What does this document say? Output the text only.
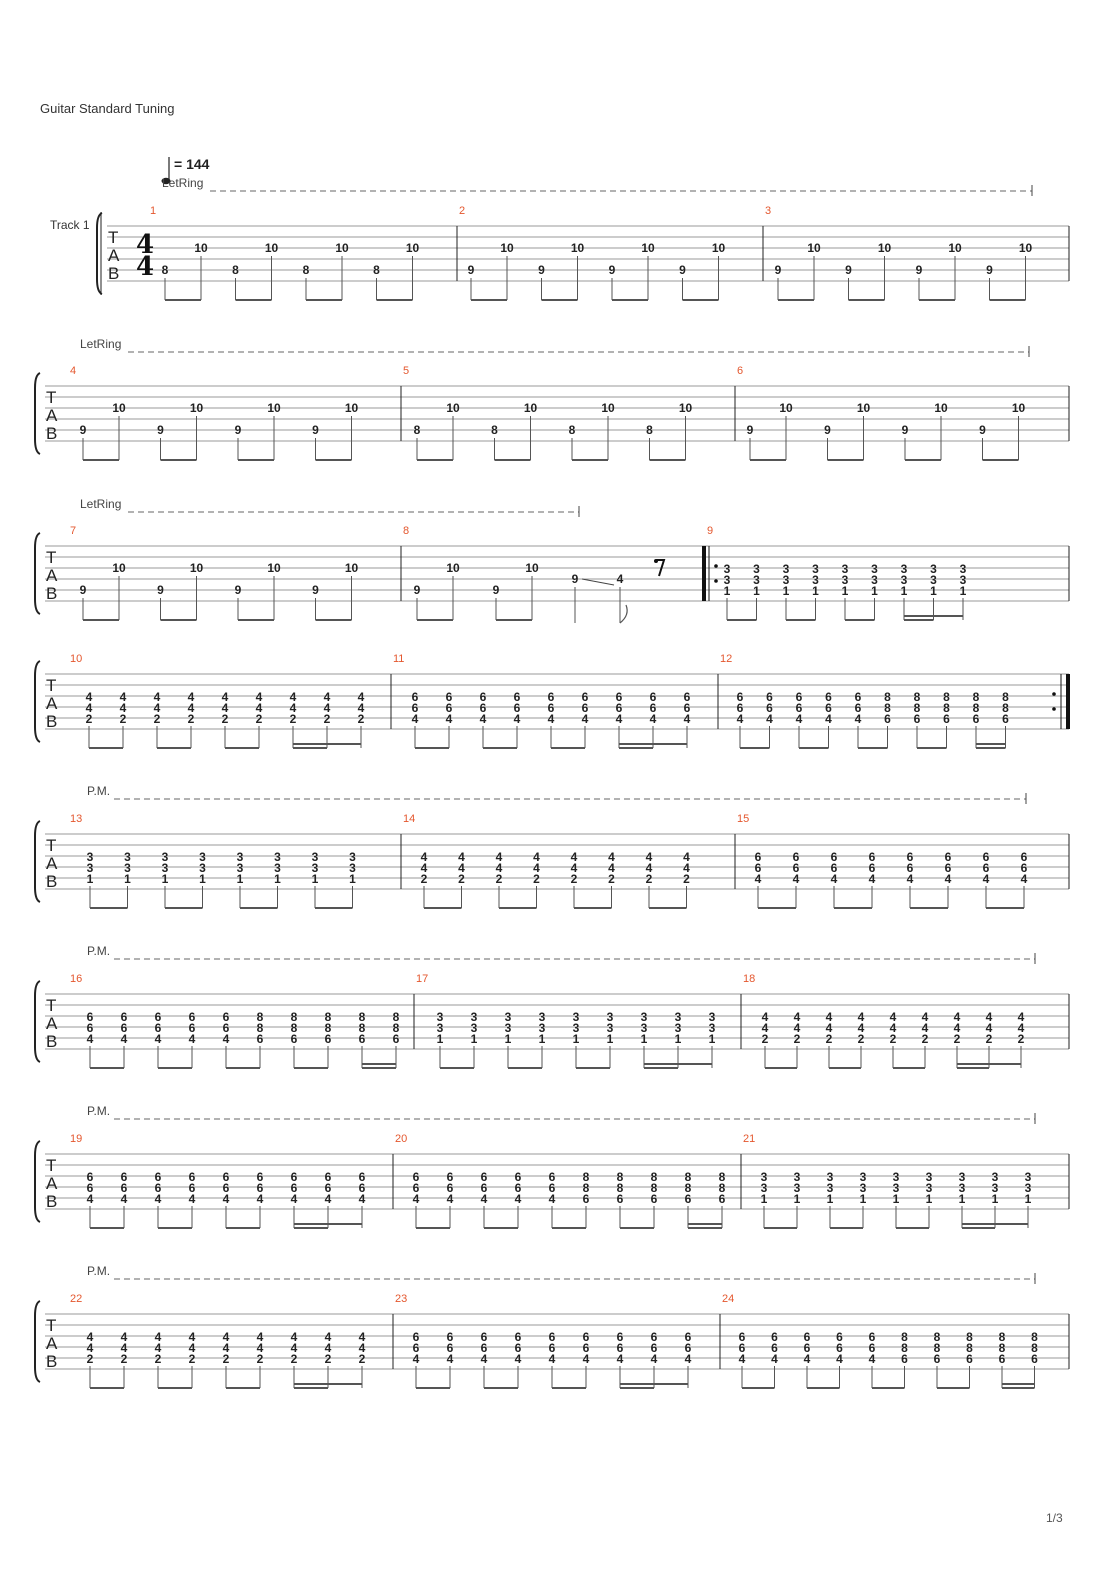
Guitar Standard Tuning
= 144
Track 1
T
A
B
4
4
LetRing
1
8
10
8
10
8
10
8
10
2
9
10
9
10
9
10
9
10
3
9
10
9
10
9
10
9
10
T
A
B
LetRing
4
9
10
9
10
9
10
9
10
5
8
10
8
10
8
10
8
10
6
9
10
9
10
9
10
9
10
T
A
B
LetRing
7
9
10
9
10
9
10
9
10
8
9
10
9
10
9	4
9
3
3
1
3
3
1
3
3
1
3
3
1
3
3
1
3
3
1
3
3
1
3
3
1
3
3
1
T
A
B
10
4
4
2
4
4
2
4
4
2
4
4
2
4
4
2
4
4
2
4
4
2
4
4
2
4
4
2
11
6
6
4
6
6
4
6
6
4
6
6
4
6
6
4
6
6
4
6
6
4
6
6
4
6
6
4
12
6
6
4
6
6
4
6
6
4
6
6
4
6
6
4
8
8
6
8
8
6
8
8
6
8
8
6
8
8
6
T
A
B
P.M.
13
3
3
1
3
3
1
3
3
1
3
3
1
3
3
1
3
3
1
3
3
1
3
3
1
14
4
4
2
4
4
2
4
4
2
4
4
2
4
4
2
4
4
2
4
4
2
4
4
2
15
6
6
4
6
6
4
6
6
4
6
6
4
6
6
4
6
6
4
6
6
4
6
6
4
T
A
B
P.M.
16
6
6
4
6
6
4
6
6
4
6
6
4
6
6
4
8
8
6
8
8
6
8
8
6
8
8
6
8
8
6
17
3
3
1
3
3
1
3
3
1
3
3
1
3
3
1
3
3
1
3
3
1
3
3
1
3
3
1
18
4
4
2
4
4
2
4
4
2
4
4
2
4
4
2
4
4
2
4
4
2
4
4
2
4
4
2
T
A
B
P.M.
19
6
6
4
6
6
4
6
6
4
6
6
4
6
6
4
6
6
4
6
6
4
6
6
4
6
6
4
20
6
6
4
6
6
4
6
6
4
6
6
4
6
6
4
8
8
6
8
8
6
8
8
6
8
8
6
8
8
6
21
3
3
1
3
3
1
3
3
1
3
3
1
3
3
1
3
3
1
3
3
1
3
3
1
3
3
1
T
A
B
P.M.
22
4
4
2
4
4
2
4
4
2
4
4
2
4
4
2
4
4
2
4
4
2
4
4
2
4
4
2
23
6
6
4
6
6
4
6
6
4
6
6
4
6
6
4
6
6
4
6
6
4
6
6
4
6
6
4
24
6
6
4
6
6
4
6
6
4
6
6
4
6
6
4
8
8
6
8
8
6
8
8
6
8
8
6
8
8
6
1/3
